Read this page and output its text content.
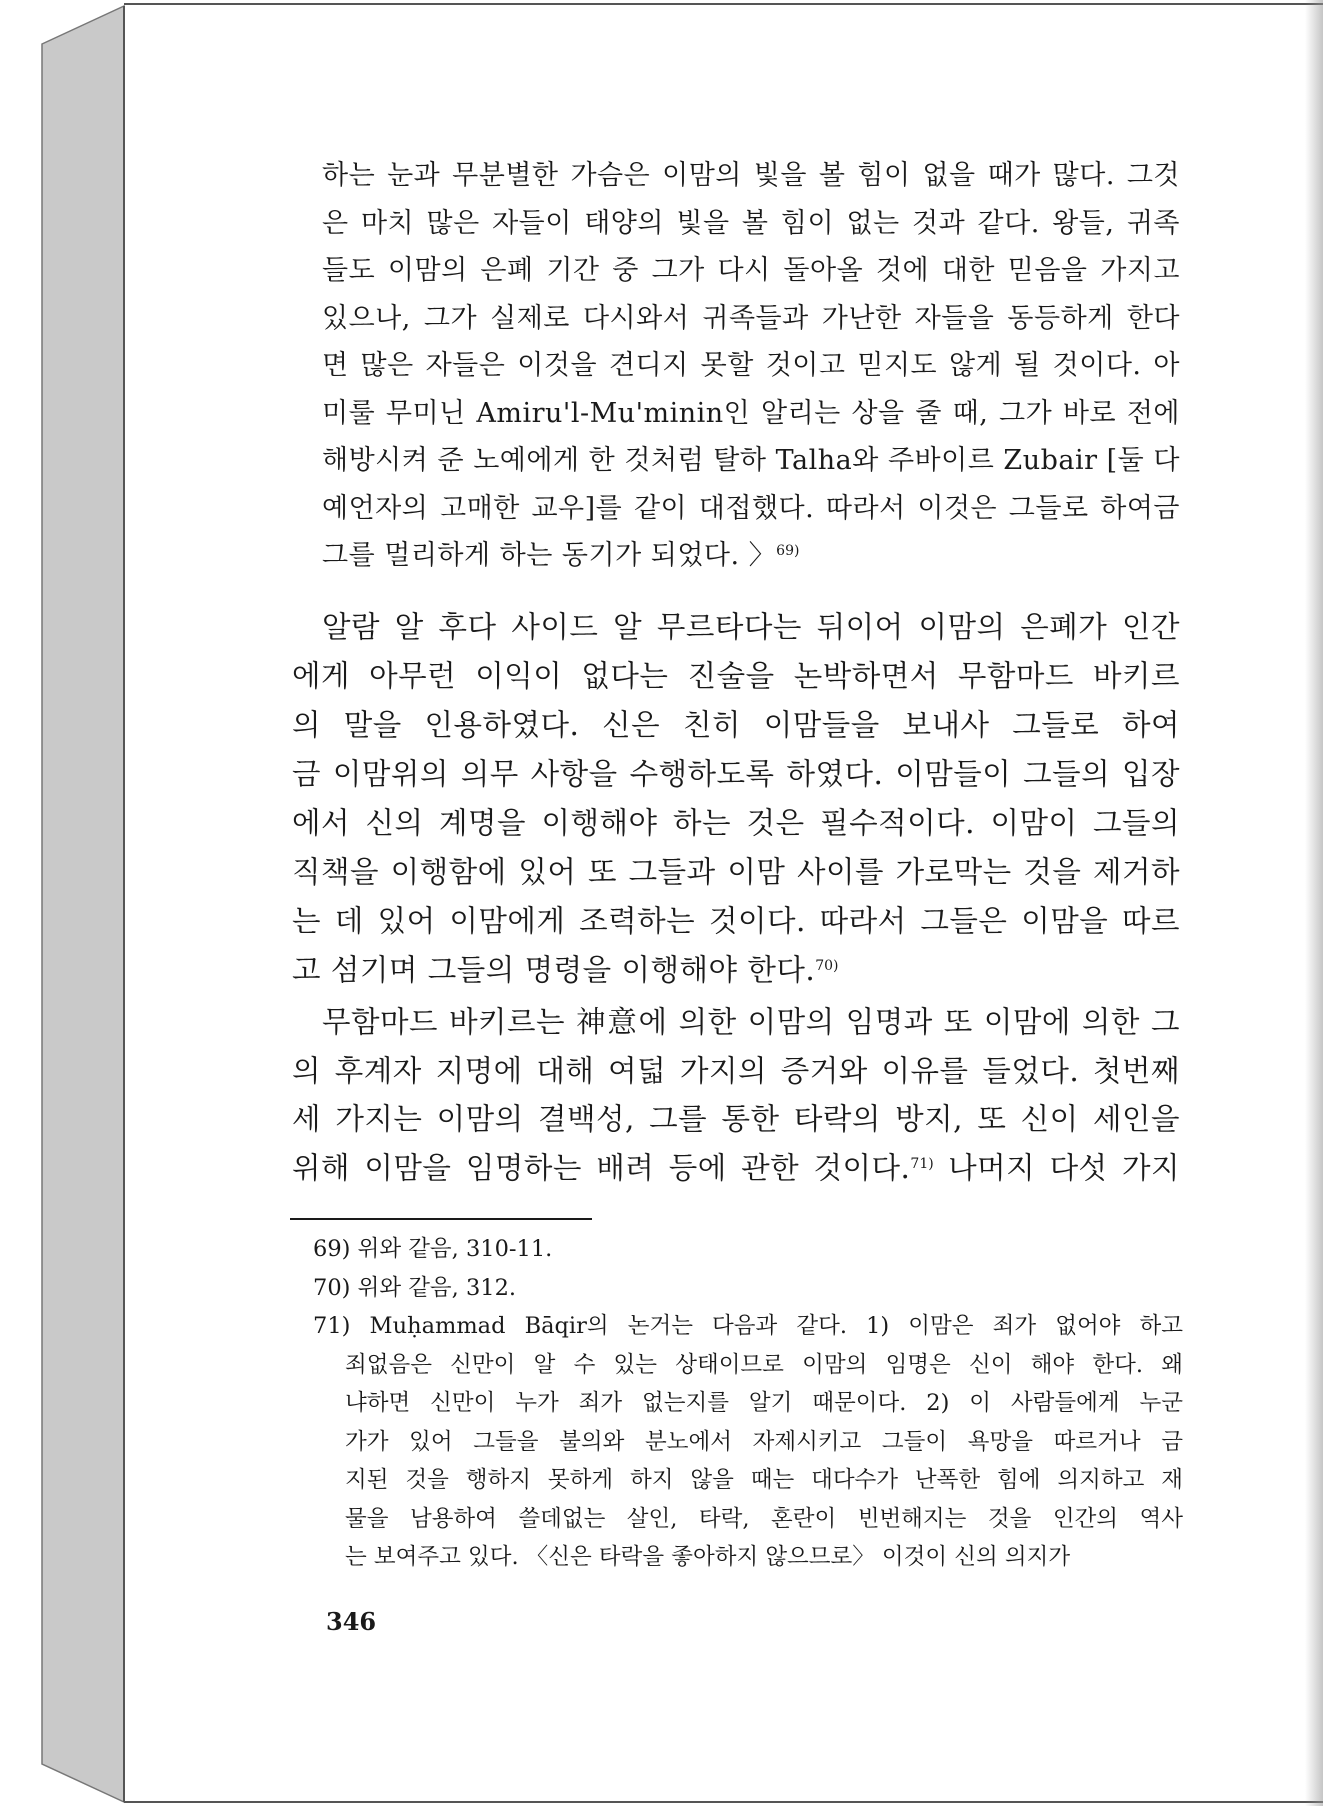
하는 눈과 무분별한 가슴은 이맘의 빛을 볼 힘이 없을 때가 많다. 그것
은 마치 많은 자들이 태양의 빛을 볼 힘이 없는 것과 같다. 왕들, 귀족
들도 이맘의 은폐 기간 중 그가 다시 돌아올 것에 대한 믿음을 가지고
있으나, 그가 실제로 다시와서 귀족들과 가난한 자들을 동등하게 한다
면 많은 자들은 이것을 견디지 못할 것이고 믿지도 않게 될 것이다. 아
미룰 무미닌 Amiru'l-Mu'minin인 알리는 상을 줄 때, 그가 바로 전에
해방시켜 준 노예에게 한 것처럼 탈하 Talha와 주바이르 Zubair [둘 다
예언자의 고매한 교우]를 같이 대접했다. 따라서 이것은 그들로 하여금
그를 멀리하게 하는 동기가 되었다. 〉$^{69)}$
알람 알 후다 사이드 알 무르타다는 뒤이어 이맘의 은폐가 인간
에게 아무런 이익이 없다는 진술을 논박하면서 무함마드 바키르
의 말을 인용하였다. 신은 친히 이맘들을 보내사 그들로 하여
금 이맘위의 의무 사항을 수행하도록 하였다. 이맘들이 그들의 입장
에서 신의 계명을 이행해야 하는 것은 필수적이다. 이맘이 그들의
직책을 이행함에 있어 또 그들과 이맘 사이를 가로막는 것을 제거하
는 데 있어 이맘에게 조력하는 것이다. 따라서 그들은 이맘을 따르
고 섬기며 그들의 명령을 이행해야 한다.$^{70)}$
무함마드 바키르는 神意에 의한 이맘의 임명과 또 이맘에 의한 그
의 후계자 지명에 대해 여덟 가지의 증거와 이유를 들었다. 첫번째
세 가지는 이맘의 결백성, 그를 통한 타락의 방지, 또 신이 세인을
위해 이맘을 임명하는 배려 등에 관한 것이다.$^{71)}$ 나머지 다섯 가지
69) 위와 같음, 310-11.
70) 위와 같음, 312.
71) Muḥammad Bāqir의 논거는 다음과 같다. 1) 이맘은 죄가 없어야 하고
죄없음은 신만이 알 수 있는 상태이므로 이맘의 임명은 신이 해야 한다. 왜
냐하면 신만이 누가 죄가 없는지를 알기 때문이다. 2) 이 사람들에게 누군
가가 있어 그들을 불의와 분노에서 자제시키고 그들이 욕망을 따르거나 금
지된 것을 행하지 못하게 하지 않을 때는 대다수가 난폭한 힘에 의지하고 재
물을 남용하여 쓸데없는 살인, 타락, 혼란이 빈번해지는 것을 인간의 역사
는 보여주고 있다. 〈신은 타락을 좋아하지 않으므로〉 이것이 신의 의지가
346
